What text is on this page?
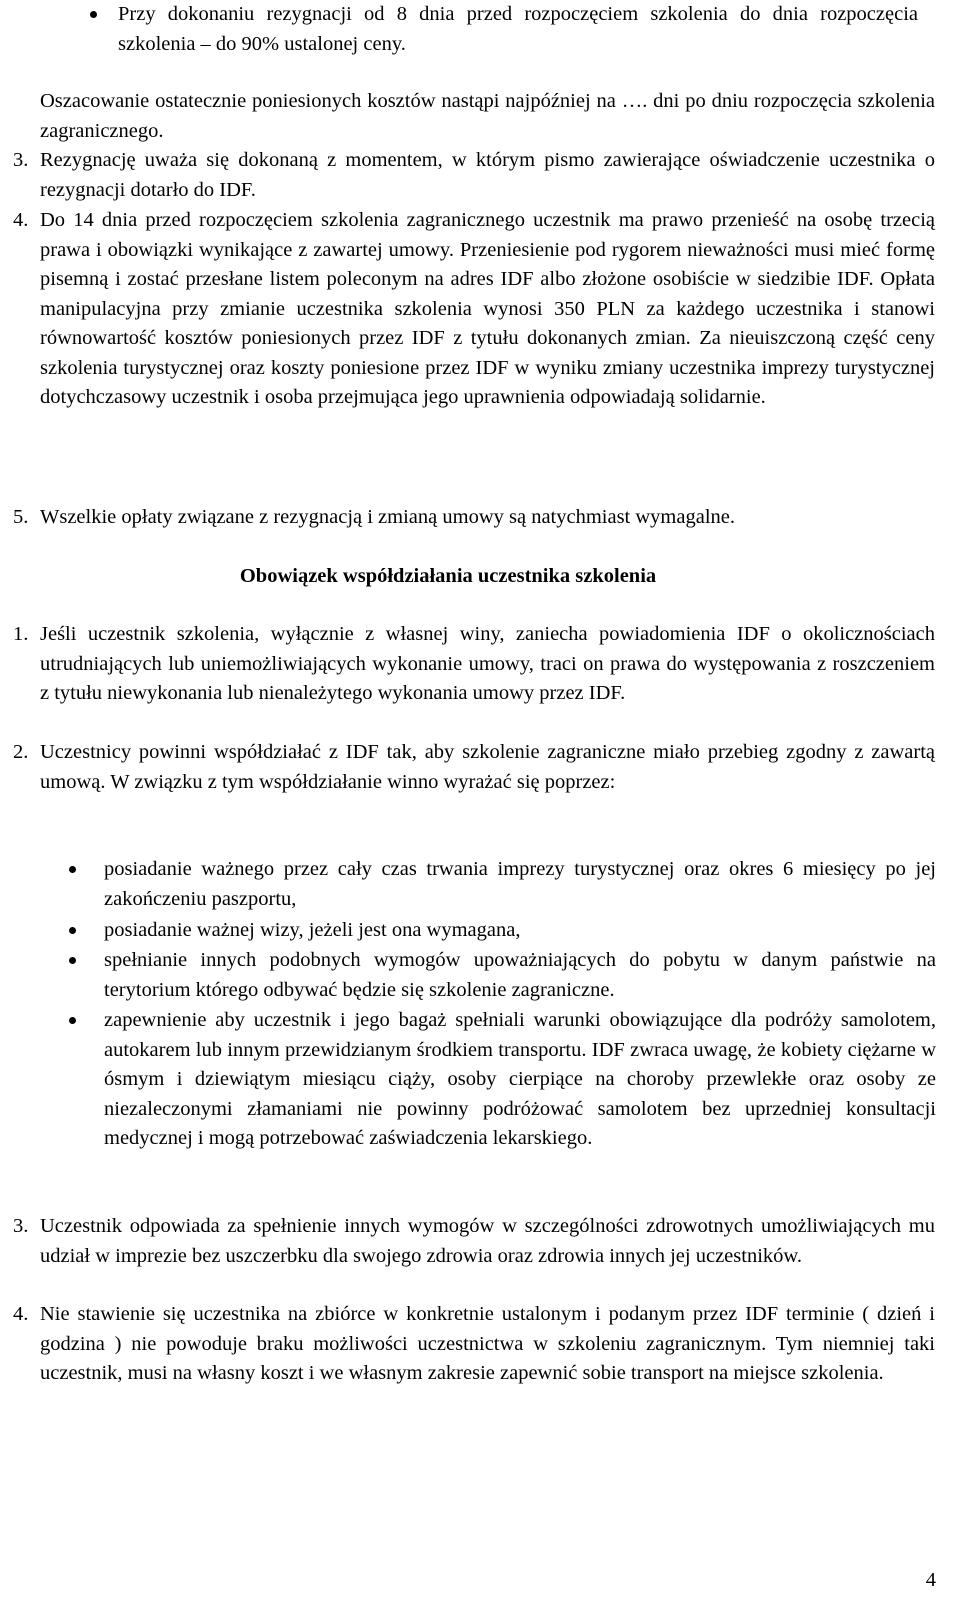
Przy dokonaniu rezygnacji od 8 dnia przed rozpoczęciem szkolenia do dnia rozpoczęcia szkolenia – do 90% ustalonej ceny.
Oszacowanie ostatecznie poniesionych kosztów nastąpi najpóźniej na …. dni po dniu rozpoczęcia szkolenia zagranicznego.
3. Rezygnację uważa się dokonaną z momentem, w którym pismo zawierające oświadczenie uczestnika o rezygnacji dotarło do IDF.
4. Do 14 dnia przed rozpoczęciem szkolenia zagranicznego uczestnik ma prawo przenieść na osobę trzecią prawa i obowiązki wynikające z zawartej umowy. Przeniesienie pod rygorem nieważności musi mieć formę pisemną i zostać przesłane listem poleconym na adres IDF albo złożone osobiście w siedzibie IDF. Opłata manipulacyjna przy zmianie uczestnika szkolenia wynosi 350 PLN za każdego uczestnika i stanowi równowartość kosztów poniesionych przez IDF z tytułu dokonanych zmian. Za nieuiszczoną część ceny szkolenia turystycznej oraz koszty poniesione przez IDF w wyniku zmiany uczestnika imprezy turystycznej dotychczasowy uczestnik i osoba przejmująca jego uprawnienia odpowiadają solidarnie.
5. Wszelkie opłaty związane z rezygnacją i zmianą umowy są natychmiast wymagalne.
Obowiązek współdziałania uczestnika szkolenia
1. Jeśli uczestnik szkolenia, wyłącznie z własnej winy, zaniecha powiadomienia IDF o okolicznościach utrudniających lub uniemożliwiających wykonanie umowy, traci on prawa do występowania z roszczeniem z tytułu niewykonania lub nienależytego wykonania umowy przez IDF.
2. Uczestnicy powinni współdziałać z IDF tak, aby szkolenie zagraniczne miało przebieg zgodny z zawartą umową. W związku z tym współdziałanie winno wyrażać się poprzez:
posiadanie ważnego przez cały czas trwania imprezy turystycznej oraz okres 6 miesięcy po jej zakończeniu paszportu,
posiadanie ważnej wizy, jeżeli jest ona wymagana,
spełnianie innych podobnych wymogów upoważniających do pobytu w danym państwie na terytorium którego odbywać będzie się szkolenie zagraniczne.
zapewnienie aby uczestnik i jego bagaż spełniali warunki obowiązujące dla podróży samolotem, autokarem lub innym przewidzianym środkiem transportu. IDF zwraca uwagę, że kobiety ciężarne w ósmym i dziewiątym miesiącu ciąży, osoby cierpiące na choroby przewlekłe oraz osoby ze niezaleczonymi złamaniami nie powinny podróżować samolotem bez uprzedniej konsultacji medycznej i mogą potrzebować zaświadczenia lekarskiego.
3. Uczestnik odpowiada za spełnienie innych wymogów w szczególności zdrowotnych umożliwiających mu udział w imprezie bez uszczerbku dla swojego zdrowia oraz zdrowia innych jej uczestników.
4. Nie stawienie się uczestnika na zbiórce w konkretnie ustalonym i podanym przez IDF terminie ( dzień i godzina ) nie powoduje braku możliwości uczestnictwa w szkoleniu zagranicznym. Tym niemniej taki uczestnik, musi na własny koszt i we własnym zakresie zapewnić sobie transport na miejsce szkolenia.
4
